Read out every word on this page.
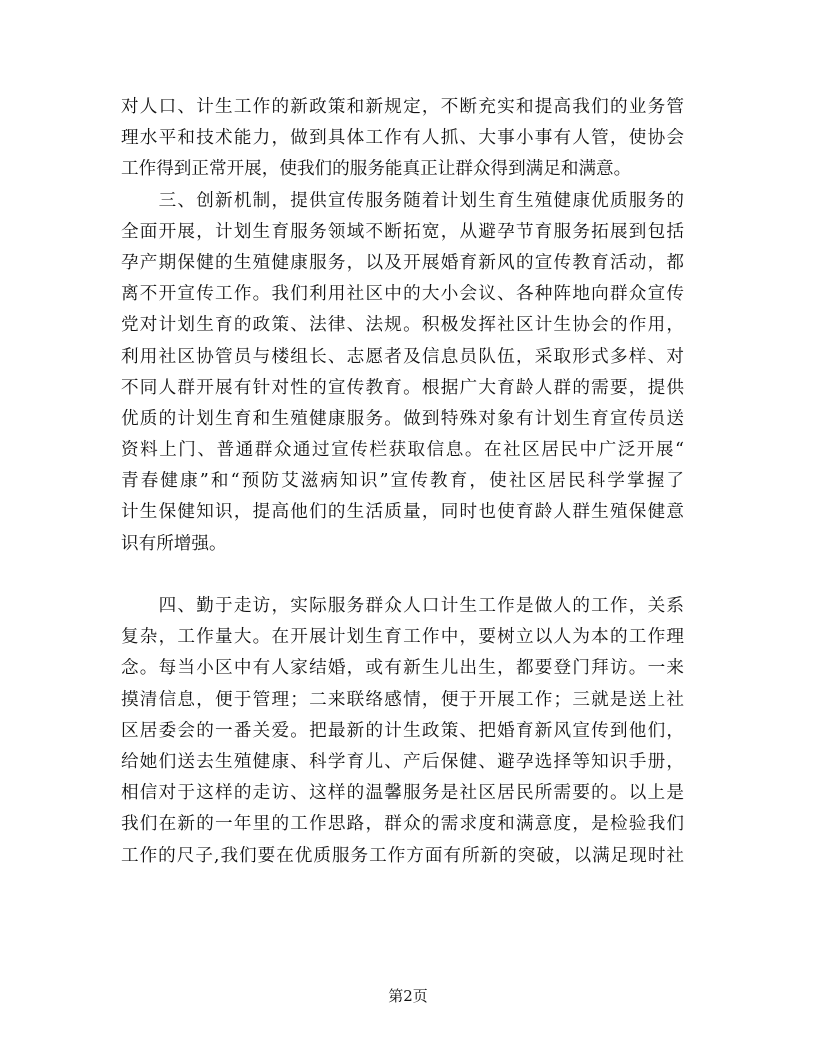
对人口、计生工作的新政策和新规定，不断充实和提高我们的业务管
理水平和技术能力，做到具体工作有人抓、大事小事有人管，使协会
工作得到正常开展，使我们的服务能真正让群众得到满足和满意。
　　三、创新机制，提供宣传服务随着计划生育生殖健康优质服务的
全面开展，计划生育服务领域不断拓宽，从避孕节育服务拓展到包括
孕产期保健的生殖健康服务，以及开展婚育新风的宣传教育活动，都
离不开宣传工作。我们利用社区中的大小会议、各种阵地向群众宣传
党对计划生育的政策、法律、法规。积极发挥社区计生协会的作用，
利用社区协管员与楼组长、志愿者及信息员队伍，采取形式多样、对
不同人群开展有针对性的宣传教育。根据广大育龄人群的需要，提供
优质的计划生育和生殖健康服务。做到特殊对象有计划生育宣传员送
资料上门、普通群众通过宣传栏获取信息。在社区居民中广泛开展“
青春健康”和“预防艾滋病知识”宣传教育，使社区居民科学掌握了
计生保健知识，提高他们的生活质量，同时也使育龄人群生殖保健意
识有所增强。
　　四、勤于走访，实际服务群众人口计生工作是做人的工作，关系
复杂，工作量大。在开展计划生育工作中，要树立以人为本的工作理
念。每当小区中有人家结婚，或有新生儿出生，都要登门拜访。一来
摸清信息，便于管理；二来联络感情，便于开展工作；三就是送上社
区居委会的一番关爱。把最新的计生政策、把婚育新风宣传到他们，
给她们送去生殖健康、科学育儿、产后保健、避孕选择等知识手册，
相信对于这样的走访、这样的温馨服务是社区居民所需要的。以上是
我们在新的一年里的工作思路，群众的需求度和满意度，是检验我们
工作的尺子,我们要在优质服务工作方面有所新的突破，以满足现时社
第2页
